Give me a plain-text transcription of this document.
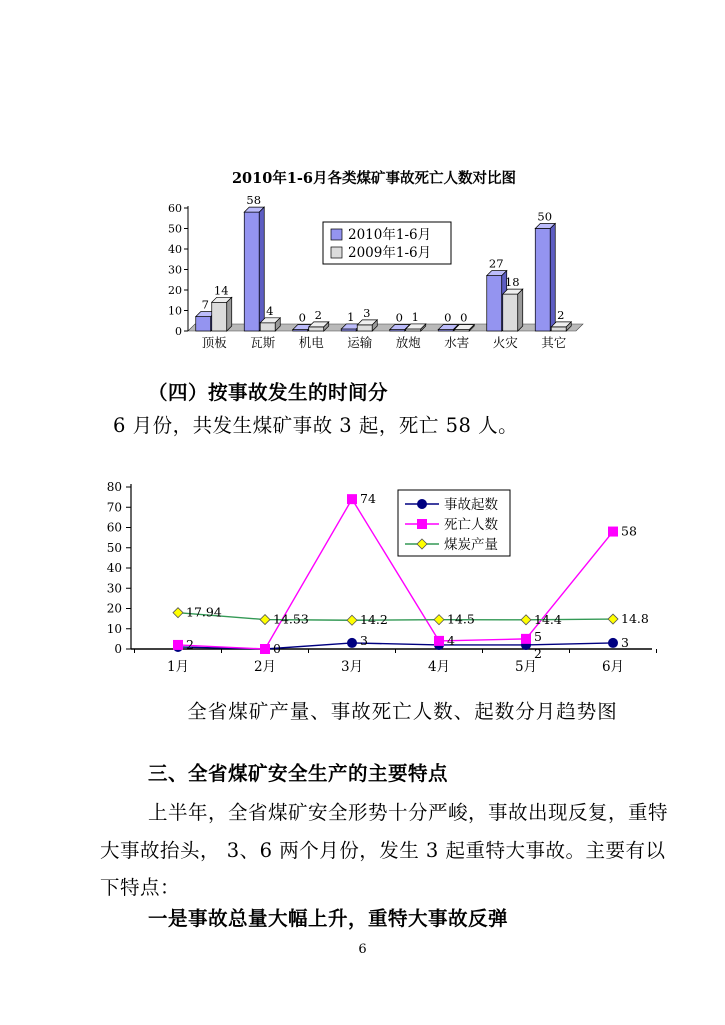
2010年1-6月各类煤矿事故死亡人数对比图
0
10
20
30
40
50
60
7
14
顶板
58
4
瓦斯
0 2
机电
1 3
运输
0 1
放炮
0 0
水害
27
18
火灾
50
2
其它
2010年1-6月
2009年1-6月
（四）按事故发生的时间分
6 月份，共发生煤矿事故 3 起，死亡 58 人。
0
10
20
30
40
50
60
70
80
1月	2月	3月	4月	5月	6月
3
2
3
2	0
74
4	5
58
17.94	14.53	14.2	14.5	14.4	14.8
事故起数
死亡人数
煤炭产量
全省煤矿产量、事故死亡人数、起数分月趋势图
三、全省煤矿安全生产的主要特点
上半年，全省煤矿安全形势十分严峻，事故出现反复，重特
大事故抬头， 3、6 两个月份，发生 3 起重特大事故。主要有以
下特点：
一是事故总量大幅上升，重特大事故反弹
6
